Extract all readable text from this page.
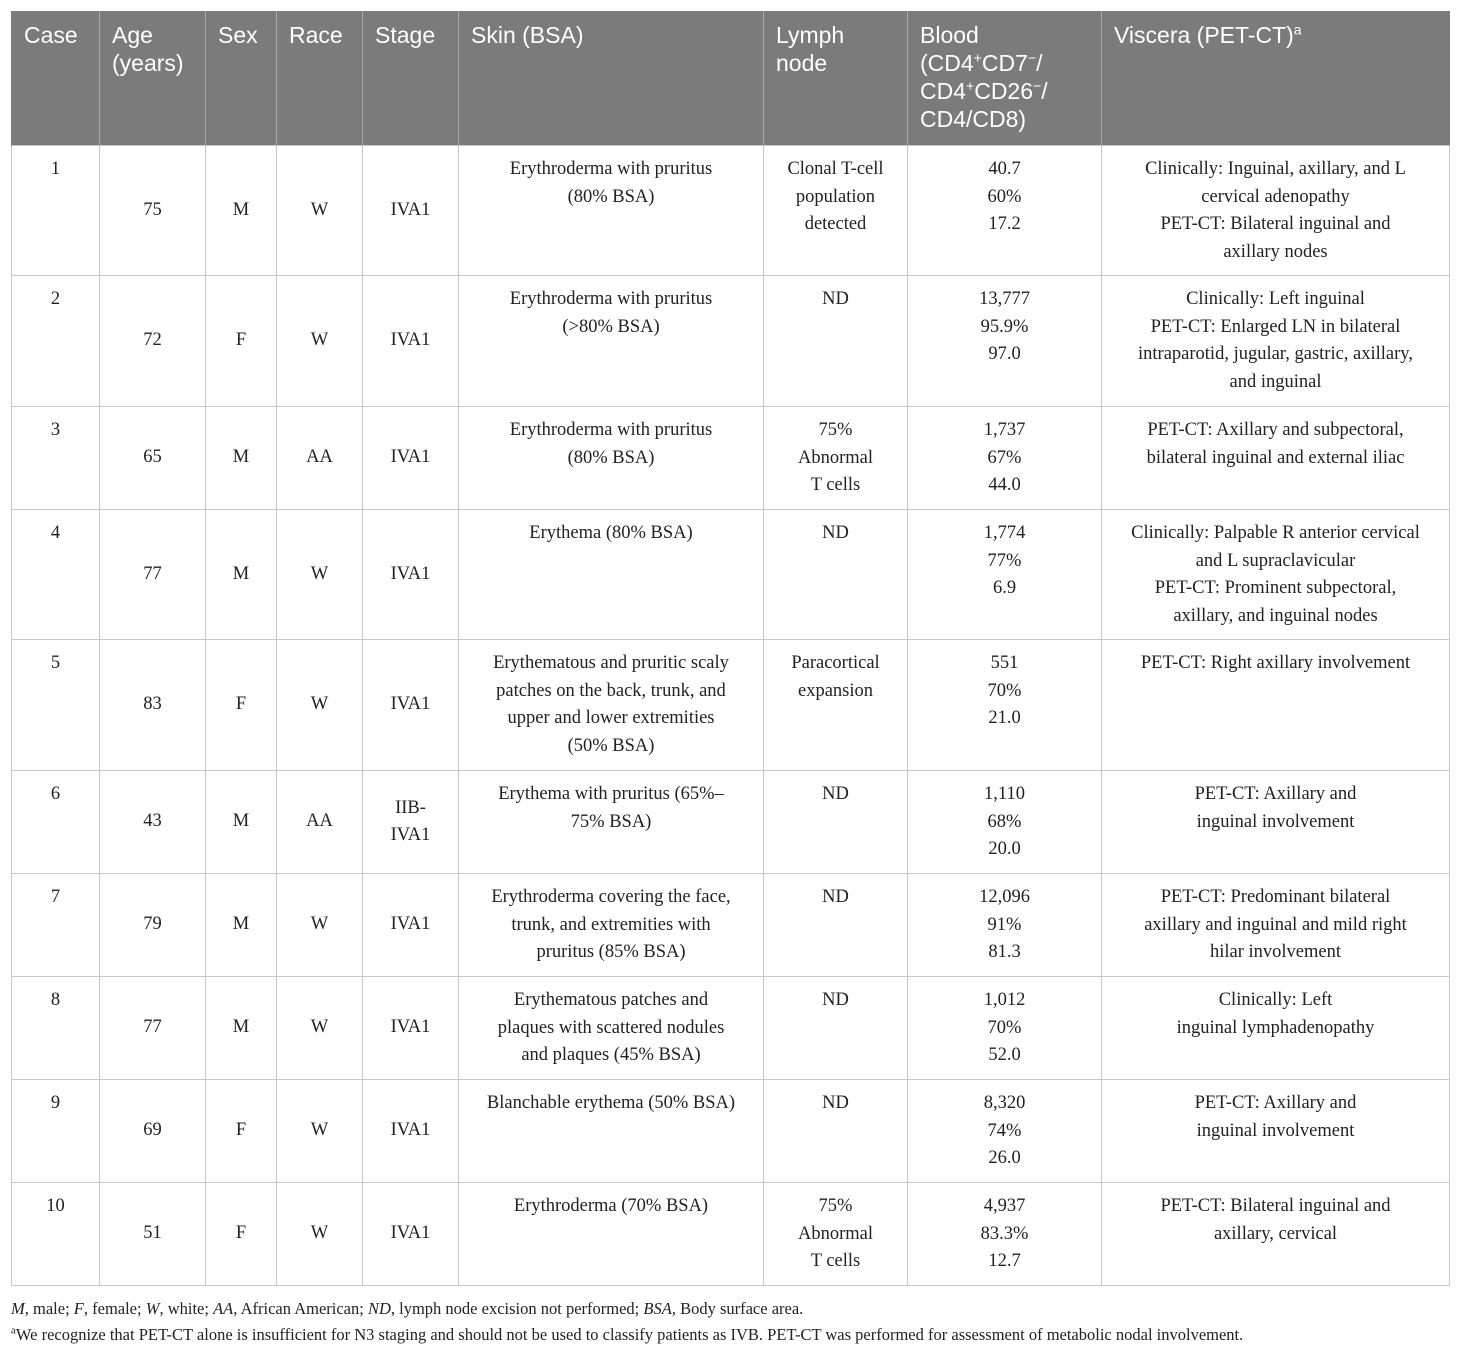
Case	Age
(years)	Sex	Race	Stage	Skin (BSA)	Lymph
node	Blood
(CD4+CD7−/
CD4+CD26−/
CD4/CD8)	Viscera $(PET-CT)^a$
1	75	M	W	IVA1	Erythroderma with pruritus
(80% BSA)	Clonal T-cell
population
detected	40.7
60%
17.2	Clinically: Inguinal, axillary, and L
cervical adenopathy
PET-CT: Bilateral inguinal and
axillary nodes

2	72	F	W	IVA1	Erythroderma with pruritus
(>80% BSA)	ND	13,777
95.9%
97.0	Clinically: Left inguinal
PET-CT: Enlarged LN in bilateral
intraparotid, jugular, gastric, axillary,
and inguinal

3	65	M	AA	IVA1	Erythroderma with pruritus
(80% BSA)	75%
Abnormal
T cells	1,737
67%
44.0	PET-CT: Axillary and subpectoral,
bilateral inguinal and external iliac

4	77	M	W	IVA1	Erythema (80% BSA)	ND	1,774
77%
6.9	Clinically: Palpable R anterior cervical
and L supraclavicular
PET-CT: Prominent subpectoral,
axillary, and inguinal nodes

5	83	F	W	IVA1	Erythematous and pruritic scaly
patches on the back, trunk, and
upper and lower extremities
(50% BSA)	Paracortical
expansion	551
70%
21.0	PET-CT: Right axillary involvement

6	43	M	AA	IIB-
IVA1	Erythema with pruritus (65%–
75% BSA)	ND	1,110
68%
20.0	PET-CT: Axillary and
inguinal involvement

7	79	M	W	IVA1	Erythroderma covering the face,
trunk, and extremities with
pruritus (85% BSA)	ND	12,096
91%
81.3	PET-CT: Predominant bilateral
axillary and inguinal and mild right
hilar involvement

8	77	M	W	IVA1	Erythematous patches and
plaques with scattered nodules
and plaques (45% BSA)	ND	1,012
70%
52.0	Clinically: Left
inguinal lymphadenopathy

9	69	F	W	IVA1	Blanchable erythema (50% BSA)	ND	8,320
74%
26.0	PET-CT: Axillary and
inguinal involvement

10	51	F	W	IVA1	Erythroderma (70% BSA)	75%
Abnormal
T cells	4,937
83.3%
12.7	PET-CT: Bilateral inguinal and
axillary, cervical
M, male; F, female; W, white; AA, African American; ND, lymph node excision not performed; BSA, Body surface area.
$^a$We recognize that PET-CT alone is insufficient for N3 staging and should not be used to classify patients as IVB. PET-CT was performed for assessment of metabolic nodal involvement.
